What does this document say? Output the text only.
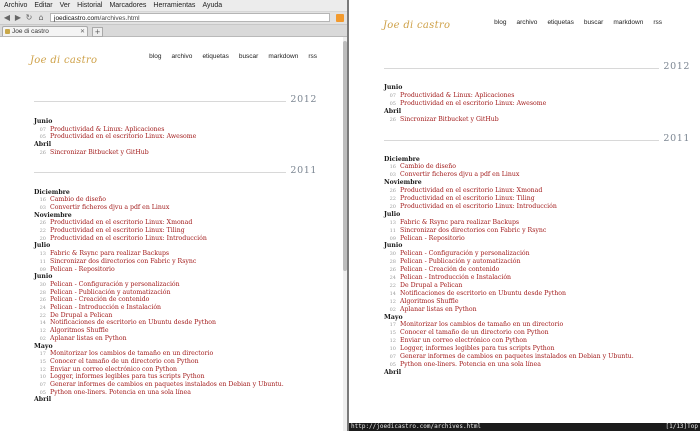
Archivo Editar Ver Historial Marcadores Herramientas Ayuda
◀ ▶ ↻ ⌂	joedicastro.com/archives.html
Joe di castro	✕	+
Joe di castro	blog archivo etiquetas buscar markdown rss
2012
Junio
07 Productividad & Linux: Aplicaciones
05 Productividad en el escritorio Linux: Awesome
Abril
26 Sincronizar Bitbucket y GitHub
2011
Diciembre
16 Cambio de diseño
03 Convertir ficheros djvu a pdf en Linux
Noviembre
26 Productividad en el escritorio Linux: Xmonad
22 Productividad en el escritorio Linux: Tiling
20 Productividad en el escritorio Linux: Introducción
Julio
13 Fabric & Rsync para realizar Backups
11 Sincronizar dos directorios con Fabric y Rsync
09 Pelican - Repositorio
Junio
30 Pelican - Configuración y personalización
28 Pelican - Publicación y automatización
26 Pelican - Creación de contenido
24 Pelican - Introducción e Instalación
22 De Drupal a Pelican
14 Notificaciones de escritorio en Ubuntu desde Python
12 Algoritmos Shuffle
02 Aplanar listas en Python
Mayo
17 Monitorizar los cambios de tamaño en un directorio
15 Conocer el tamaño de un directorio con Python
12 Enviar un correo electrónico con Python
10 Logger, informes legibles para tus scripts Python
07 Generar informes de cambios en paquetes instalados en Debian y Ubuntu.
05 Python one-liners. Potencia en una sola línea
Abril
Joe di castro	blog archivo etiquetas buscar markdown rss
2012
Junio
07 Productividad & Linux: Aplicaciones
05 Productividad en el escritorio Linux: Awesome
Abril
26 Sincronizar Bitbucket y GitHub
2011
Diciembre
16 Cambio de diseño
03 Convertir ficheros djvu a pdf en Linux
Noviembre
26 Productividad en el escritorio Linux: Xmonad
22 Productividad en el escritorio Linux: Tiling
20 Productividad en el escritorio Linux: Introducción
Julio
13 Fabric & Rsync para realizar Backups
11 Sincronizar dos directorios con Fabric y Rsync
09 Pelican - Repositorio
Junio
30 Pelican - Configuración y personalización
28 Pelican - Publicación y automatización
26 Pelican - Creación de contenido
24 Pelican - Introducción e Instalación
22 De Drupal a Pelican
14 Notificaciones de escritorio en Ubuntu desde Python
12 Algoritmos Shuffle
02 Aplanar listas en Python
Mayo
17 Monitorizar los cambios de tamaño en un directorio
15 Conocer el tamaño de un directorio con Python
12 Enviar un correo electrónico con Python
10 Logger, informes legibles para tus scripts Python
07 Generar informes de cambios en paquetes instalados en Debian y Ubuntu.
05 Python one-liners. Potencia en una sola línea
Abril
http://joedicastro.com/archives.html	[1/13]Top
